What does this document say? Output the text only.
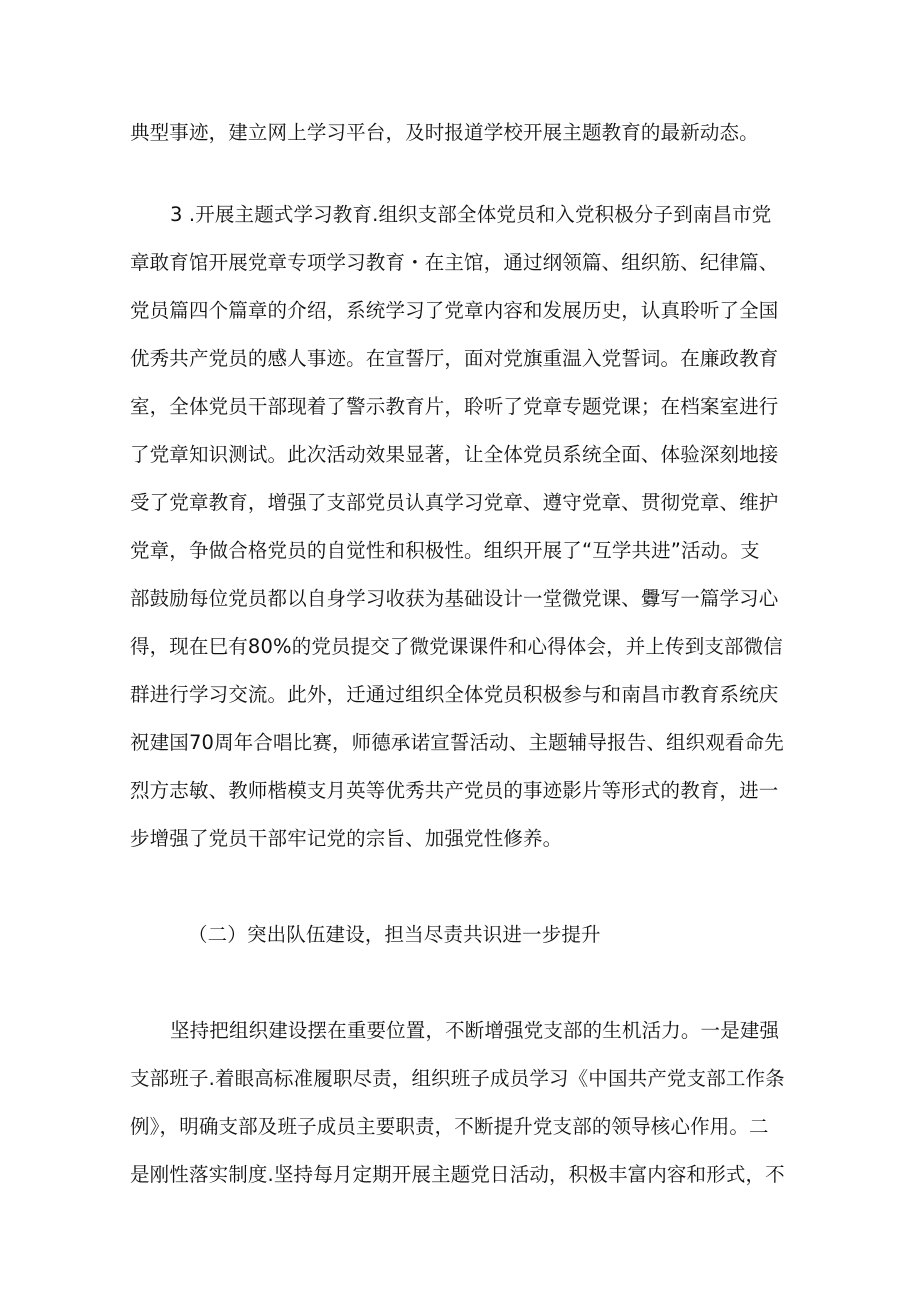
典型事迹，建立网上学习平台，及时报道学校开展主题教育的最新动态。
3 .开展主题式学习教育.组织支部全体党员和入党积极分子到南昌市党
章敢育馆开展党章专项学习教育・在主馆，通过纲领篇、组织筋、纪律篇、
党员篇四个篇章的介绍，系统学习了党章内容和发展历史，认真聆听了全国
优秀共产党员的感人事迹。在宣誓厅，面对党旗重温入党誓词。在廉政教育
室，全体党员干部现着了警示教育片，聆听了党章专题党课；在档案室进行
了党章知识测试。此次活动效果显著，让全体党员系统全面、体验深刻地接
受了党章教育，增强了支部党员认真学习党章、遵守党章、贯彻党章、维护
党章，争做合格党员的自觉性和积极性。组织开展了“互学共进”活动。支
部鼓励每位党员都以自身学习收获为基础设计一堂微党课、釁写一篇学习心
得，现在巳有80%的党员提交了微党课课件和心得体会，并上传到支部微信
群进行学习交流。此外，迁通过组织全体党员积极参与和南昌市教育系统庆
祝建国70周年合唱比赛，师德承诺宣誓活动、主题辅导报告、组织观看命先
烈方志敏、教师楷模支月英等优秀共产党员的事迹影片等形式的教育，进一
步增强了党员干部牢记党的宗旨、加强党性修养。
（二）突出队伍建设，担当尽责共识进一步提升
坚持把组织建设摆在重要位置，不断增强党支部的生机活力。一是建强
支部班子.着眼高标准履职尽责，组织班子成员学习《中国共产党支部工作条
例》，明确支部及班子成员主要职责，不断提升党支部的领导核心作用。二
是刚性落实制度.坚持每月定期开展主题党日活动，积极丰富内容和形式，不
